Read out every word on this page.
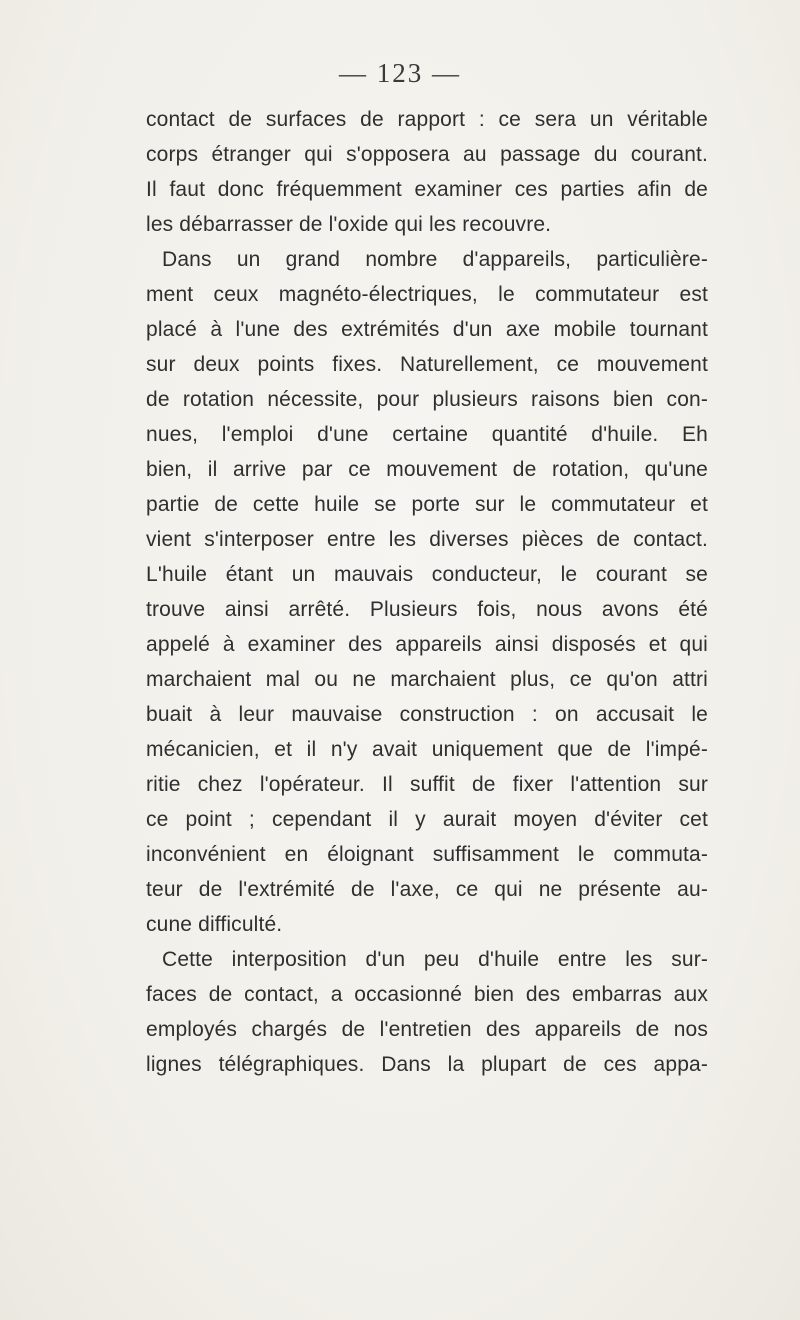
— 123 —
contact de surfaces de rapport : ce sera un véritable
corps étranger qui s'opposera au passage du courant.
Il faut donc fréquemment examiner ces parties afin de
les débarrasser de l'oxide qui les recouvre.
Dans un grand nombre d'appareils, particulière-
ment ceux magnéto-électriques, le commutateur est
placé à l'une des extrémités d'un axe mobile tournant
sur deux points fixes. Naturellement, ce mouvement
de rotation nécessite, pour plusieurs raisons bien con-
nues, l'emploi d'une certaine quantité d'huile. Eh
bien, il arrive par ce mouvement de rotation, qu'une
partie de cette huile se porte sur le commutateur et
vient s'interposer entre les diverses pièces de contact.
L'huile étant un mauvais conducteur, le courant se
trouve ainsi arrêté. Plusieurs fois, nous avons été
appelé à examiner des appareils ainsi disposés et qui
marchaient mal ou ne marchaient plus, ce qu'on attri
buait à leur mauvaise construction : on accusait le
mécanicien, et il n'y avait uniquement que de l'impé-
ritie chez l'opérateur. Il suffit de fixer l'attention sur
ce point ; cependant il y aurait moyen d'éviter cet
inconvénient en éloignant suffisamment le commuta-
teur de l'extrémité de l'axe, ce qui ne présente au-
cune difficulté.
Cette interposition d'un peu d'huile entre les sur-
faces de contact, a occasionné bien des embarras aux
employés chargés de l'entretien des appareils de nos
lignes télégraphiques. Dans la plupart de ces appa-
